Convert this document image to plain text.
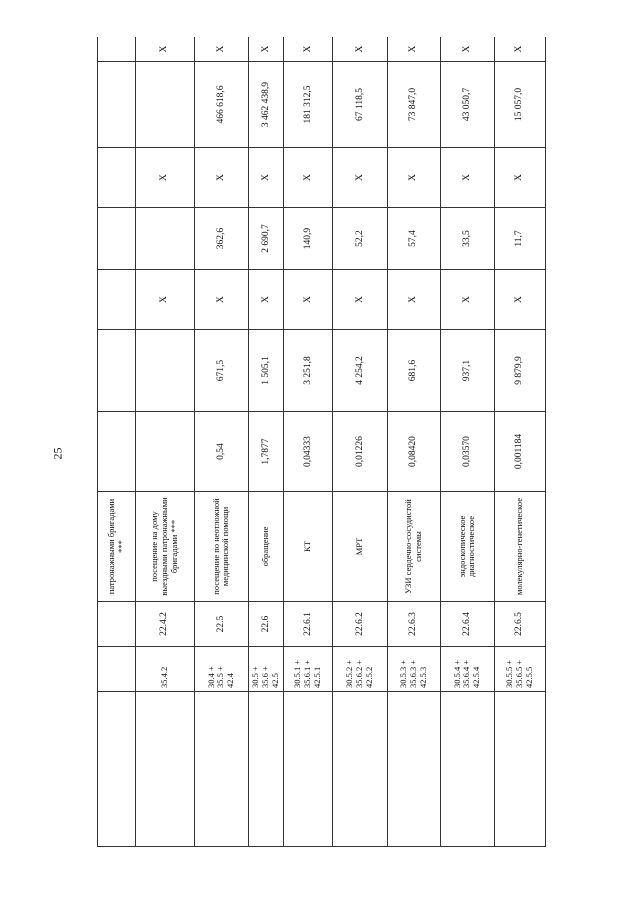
25
			патронажными бригадами ***							
	35.4.2	22.4.2	посещение на дому выездными патронажными бригадами ***			X		X		X
	30.4 + 35.5 + 42.4	22.5	посещение по неотложной медицинской помощи	0,54	671,5	X	362,6	X	466 618,6	X
	30.5 + 35.6 + 42.5	22.6	обращение	1,7877	1 505,1	X	2 690,7	X	3 462 438,9	X
	30.5.1 + 35.6.1 + 42.5.1	22.6.1	КТ	0,04333	3 251,8	X	140,9	X	181 312,5	X
	30.5.2 + 35.6.2 + 42.5.2	22.6.2	МРТ	0,01226	4 254,2	X	52,2	X	67 118,5	X
	30.5.3 + 35.6.3 + 42.5.3	22.6.3	УЗИ сердечно-сосудистой системы	0,08420	681,6	X	57,4	X	73 847,0	X
	30.5.4 + 35.6.4 + 42.5.4	22.6.4	эндоскопическое диагностическое	0,03570	937,1	X	33,5	X	43 050,7	X
	30.5.5 + 35.6.5 + 42.5.5	22.6.5	молекулярно-генетическое	0,001184	9 879,9	X	11,7	X	15 057,0	X
